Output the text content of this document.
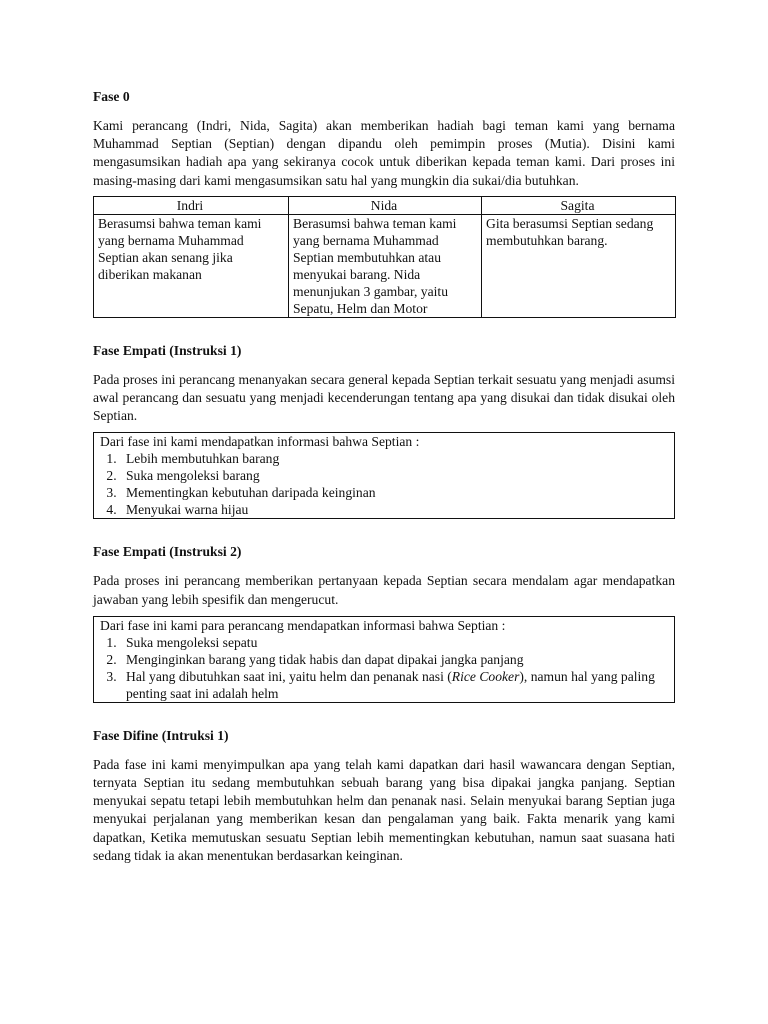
Fase 0

Kami perancang (Indri, Nida, Sagita) akan memberikan hadiah bagi teman kami yang bernama Muhammad Septian (Septian) dengan dipandu oleh pemimpin proses (Mutia). Disini kami mengasumsikan hadiah apa yang sekiranya cocok untuk diberikan kepada teman kami. Dari proses ini masing-masing dari kami mengasumsikan satu hal yang mungkin dia sukai/dia butuhkan.

Indri	Nida	Sagita
Berasumsi bahwa teman kami yang bernama Muhammad Septian akan senang jika diberikan makanan	Berasumsi bahwa teman kami yang bernama Muhammad Septian membutuhkan atau menyukai barang. Nida menunjukan 3 gambar, yaitu Sepatu, Helm dan Motor	Gita berasumsi Septian sedang membutuhkan barang.
Fase Empati (Instruksi 1)

Pada proses ini perancang menanyakan secara general kepada Septian terkait sesuatu yang menjadi asumsi awal perancang dan sesuatu yang menjadi kecenderungan tentang apa yang disukai dan tidak disukai oleh Septian.

Dari fase ini kami mendapatkan informasi bahwa Septian :
1. Lebih membutuhkan barang
2. Suka mengoleksi barang
3. Mementingkan kebutuhan daripada keinginan
4. Menyukai warna hijau
Fase Empati (Instruksi 2)

Pada proses ini perancang memberikan pertanyaan kepada Septian secara mendalam agar mendapatkan jawaban yang lebih spesifik dan mengerucut.

Dari fase ini kami para perancang mendapatkan informasi bahwa Septian :
1. Suka mengoleksi sepatu
2. Menginginkan barang yang tidak habis dan dapat dipakai jangka panjang
3. Hal yang dibutuhkan saat ini, yaitu helm dan penanak nasi (Rice Cooker), namun hal yang paling penting saat ini adalah helm
Fase Difine (Intruksi 1)

Pada fase ini kami menyimpulkan apa yang telah kami dapatkan dari hasil wawancara dengan Septian, ternyata Septian itu sedang membutuhkan sebuah barang yang bisa dipakai jangka panjang. Septian menyukai sepatu tetapi lebih membutuhkan helm dan penanak nasi. Selain menyukai barang Septian juga menyukai perjalanan yang memberikan kesan dan pengalaman yang baik. Fakta menarik yang kami dapatkan, Ketika memutuskan sesuatu Septian lebih mementingkan kebutuhan, namun saat suasana hati sedang tidak ia akan menentukan berdasarkan keinginan.
